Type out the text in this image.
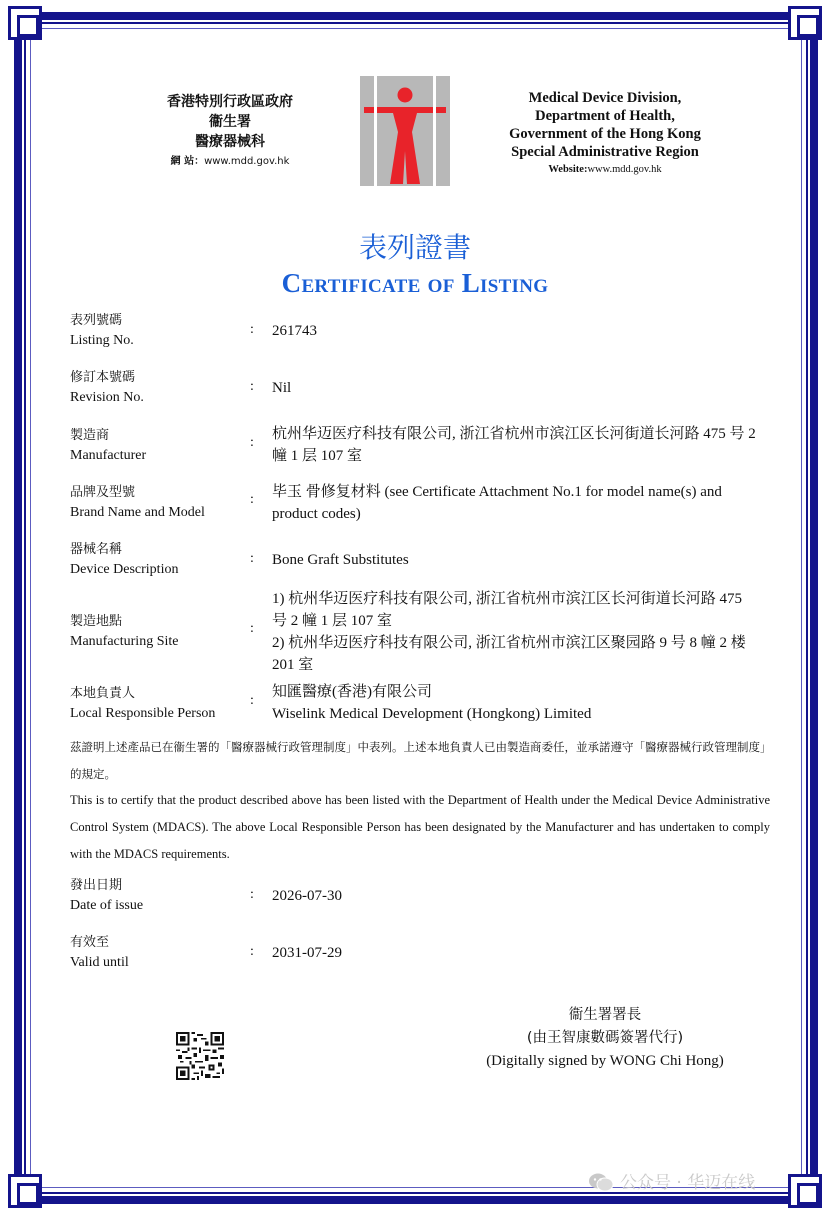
香港特別行政區政府
衞生署
醫療器械科
網 站：www.mdd.gov.hk
Medical Device Division,
Department of Health,
Government of the Hong Kong
Special Administrative Region
Website:www.mdd.gov.hk
表列證書
Certificate of Listing
表列號碼
Listing No.
: 261743
修訂本號碼
Revision No.
: Nil
製造商
Manufacturer
:
杭州华迈医疗科技有限公司, 浙江省杭州市滨江区长河街道长河路 475 号 2 幢 1 层 107 室
品牌及型號
Brand Name and Model
: 毕玉 骨修复材料 (see Certificate Attachment No.1 for model name(s) and product codes)
器械名稱
Device Description
: Bone Graft Substitutes
製造地點
Manufacturing Site
:
1) 杭州华迈医疗科技有限公司, 浙江省杭州市滨江区长河街道长河路 475 号 2 幢 1 层 107 室
2) 杭州华迈医疗科技有限公司, 浙江省杭州市滨江区聚园路 9 号 8 幢 2 楼 201 室
本地負責人
Local Responsible Person
:
知匯醫療(香港)有限公司
Wiselink Medical Development (Hongkong) Limited
茲證明上述產品已在衞生署的「醫療器械行政管理制度」中表列。上述本地負責人已由製造商委任，並承諾遵守「醫療器械行政管理制度」的規定。
This is to certify that the product described above has been listed with the Department of Health under the Medical Device Administrative Control System (MDACS). The above Local Responsible Person has been designated by the Manufacturer and has undertaken to comply with the MDACS requirements.
發出日期
Date of issue
: 2026-07-30
有效至
Valid until
: 2031-07-29
衞生署署長
(由王智康數碼簽署代行)
(Digitally signed by WONG Chi Hong)
公众号 · 华迈在线
